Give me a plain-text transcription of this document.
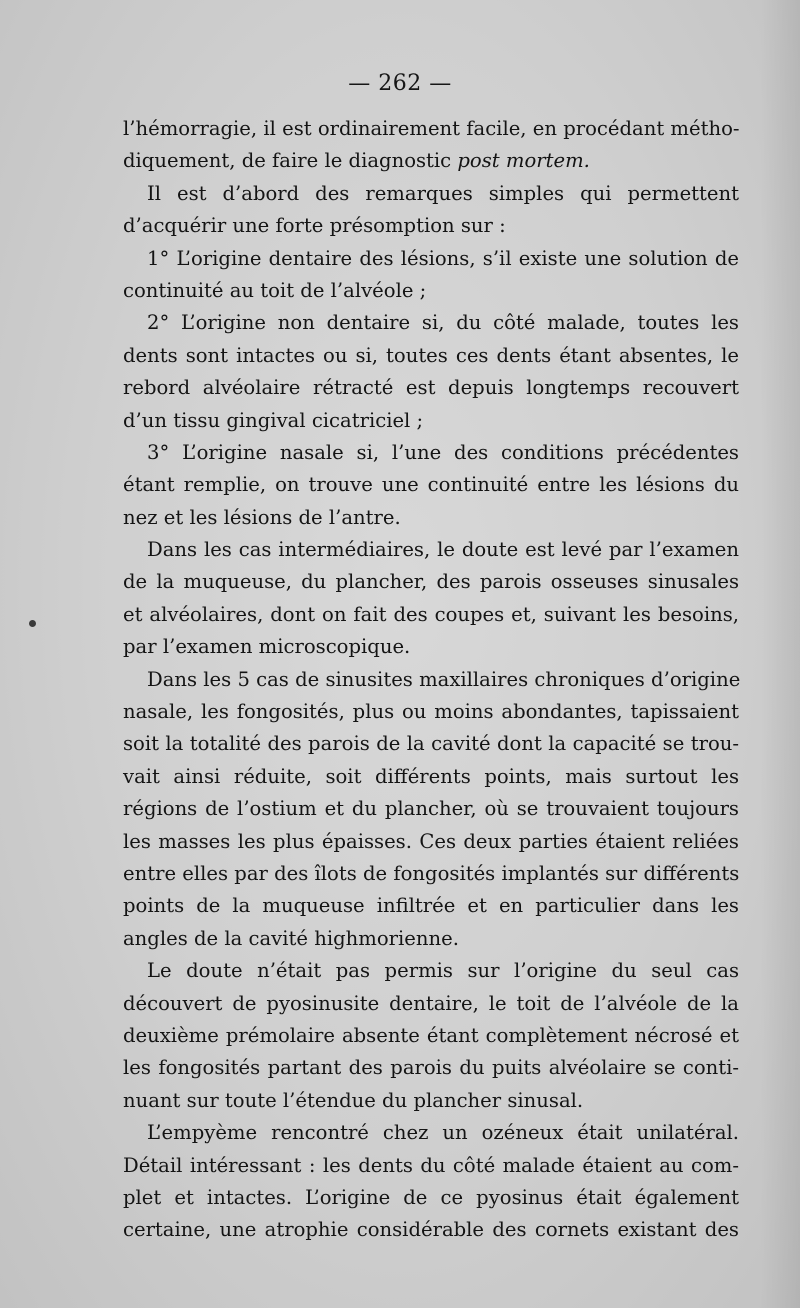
— 262 —
l’hémorragie, il est ordinairement facile, en procédant métho-
diquement, de faire le diagnostic post mortem.
Il est d’abord des remarques simples qui permettent
d’acquérir une forte présomption sur :
1° L’origine dentaire des lésions, s’il existe une solution de
continuité au toit de l’alvéole ;
2° L’origine non dentaire si, du côté malade, toutes les
dents sont intactes ou si, toutes ces dents étant absentes, le
rebord alvéolaire rétracté est depuis longtemps recouvert
d’un tissu gingival cicatriciel ;
3° L’origine nasale si, l’une des conditions précédentes
étant remplie, on trouve une continuité entre les lésions du
nez et les lésions de l’antre.
Dans les cas intermédiaires, le doute est levé par l’examen
de la muqueuse, du plancher, des parois osseuses sinusales
et alvéolaires, dont on fait des coupes et, suivant les besoins,
par l’examen microscopique.
Dans les 5 cas de sinusites maxillaires chroniques d’origine
nasale, les fongosités, plus ou moins abondantes, tapissaient
soit la totalité des parois de la cavité dont la capacité se trou-
vait ainsi réduite, soit différents points, mais surtout les
régions de l’ostium et du plancher, où se trouvaient toujours
les masses les plus épaisses. Ces deux parties étaient reliées
entre elles par des îlots de fongosités implantés sur différents
points de la muqueuse infiltrée et en particulier dans les
angles de la cavité highmorienne.
Le doute n’était pas permis sur l’origine du seul cas
découvert de pyosinusite dentaire, le toit de l’alvéole de la
deuxième prémolaire absente étant complètement nécrosé et
les fongosités partant des parois du puits alvéolaire se conti-
nuant sur toute l’étendue du plancher sinusal.
L’empyème rencontré chez un ozéneux était unilatéral.
Détail intéressant : les dents du côté malade étaient au com-
plet et intactes. L’origine de ce pyosinus était également
certaine, une atrophie considérable des cornets existant des
